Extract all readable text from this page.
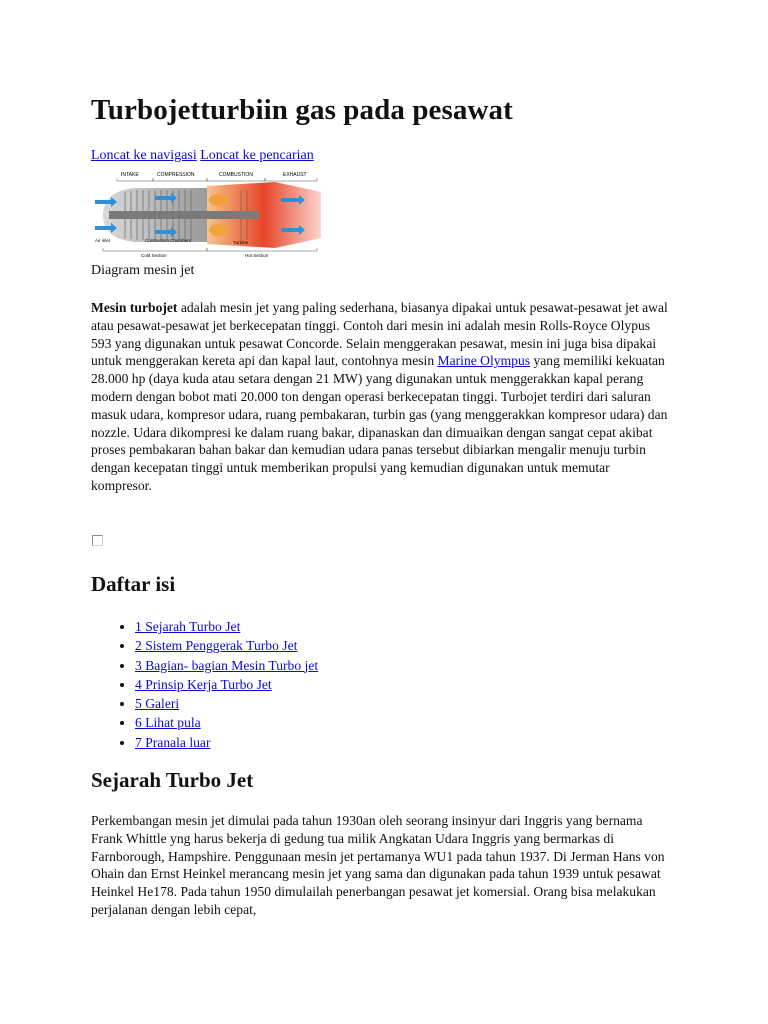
Turbojetturbiin gas pada pesawat
Loncat ke navigasi Loncat ke pencarian
INTAKE	COMPRESSION	COMBUSTION	EXHAUST
Air inlet	Combustion Chambers	Turbine
Cold Section	Hot Section
Diagram mesin jet

Mesin turbojet adalah mesin jet yang paling sederhana, biasanya dipakai untuk pesawat-pesawat jet awal atau pesawat-pesawat jet berkecepatan tinggi. Contoh dari mesin ini adalah mesin Rolls-Royce Olypus 593 yang digunakan untuk pesawat Concorde. Selain menggerakan pesawat, mesin ini juga bisa dipakai untuk menggerakan kereta api dan kapal laut, contohnya mesin Marine Olympus yang memiliki kekuatan 28.000 hp (daya kuda atau setara dengan 21 MW) yang digunakan untuk menggerakkan kapal perang modern dengan bobot mati 20.000 ton dengan operasi berkecepatan tinggi. Turbojet terdiri dari saluran masuk udara, kompresor udara, ruang pembakaran, turbin gas (yang menggerakkan kompresor udara) dan nozzle. Udara dikompresi ke dalam ruang bakar, dipanaskan dan dimuaikan dengan sangat cepat akibat proses pembakaran bahan bakar dan kemudian udara panas tersebut dibiarkan mengalir menuju turbin dengan kecepatan tinggi untuk memberikan propulsi yang kemudian digunakan untuk memutar kompresor.

Daftar isi
• 1 Sejarah Turbo Jet
• 2 Sistem Penggerak Turbo Jet
• 3 Bagian- bagian Mesin Turbo jet
• 4 Prinsip Kerja Turbo Jet
• 5 Galeri
• 6 Lihat pula
• 7 Pranala luar
Sejarah Turbo Jet

Perkembangan mesin jet dimulai pada tahun 1930an oleh seorang insinyur dari Inggris yang bernama Frank Whittle yng harus bekerja di gedung tua milik Angkatan Udara Inggris yang bermarkas di Farnborough, Hampshire. Penggunaan mesin jet pertamanya WU1 pada tahun 1937. Di Jerman Hans von Ohain dan Ernst Heinkel merancang mesin jet yang sama dan digunakan pada tahun 1939 untuk pesawat Heinkel He178. Pada tahun 1950 dimulailah penerbangan pesawat jet komersial. Orang bisa melakukan perjalanan dengan lebih cepat,
